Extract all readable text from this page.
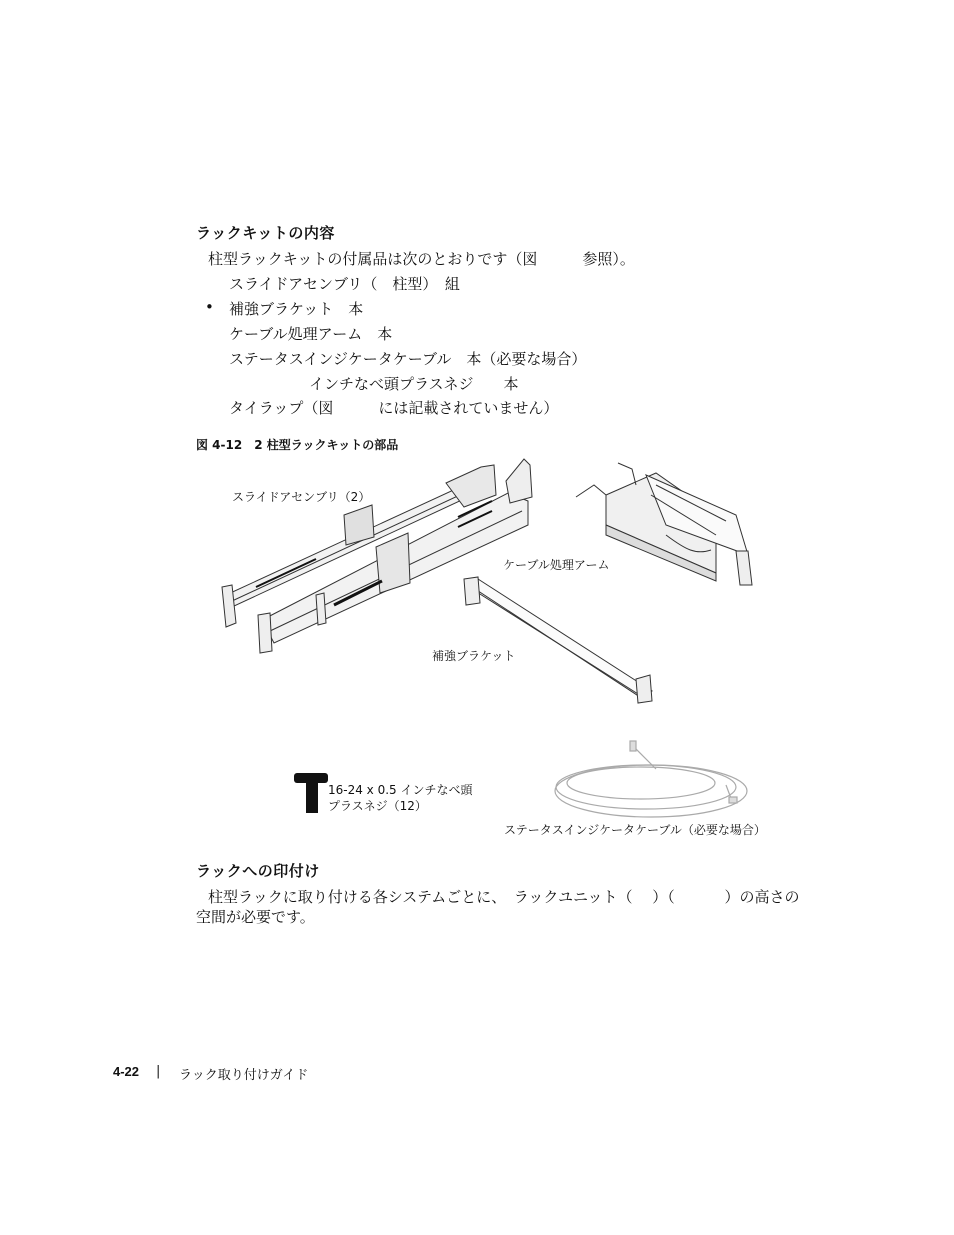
ラックキットの内容
柱型ラックキットの付属品は次のとおりです（図　　　参照）。
スライドアセンブリ（　柱型）　組
• 補強ブラケット　本
ケーブル処理アーム　本
ステータスインジケータケーブル　本（必要な場合）
インチなべ頭プラスネジ　　本
タイラップ（図　　　には記載されていません）
図 4-12　2 柱型ラックキットの部品
スライドアセンブリ（2）
ケーブル処理アーム
補強ブラケット
16-24 x 0.5 インチなべ頭
プラスネジ（12）
ステータスインジケータケーブル（必要な場合）
ラックへの印付け
柱型ラックに取り付ける各システムごとに、　ラックユニット（　 ）（　　　 ）の高さの
空間が必要です。
4-22 | ラック取り付けガイド
